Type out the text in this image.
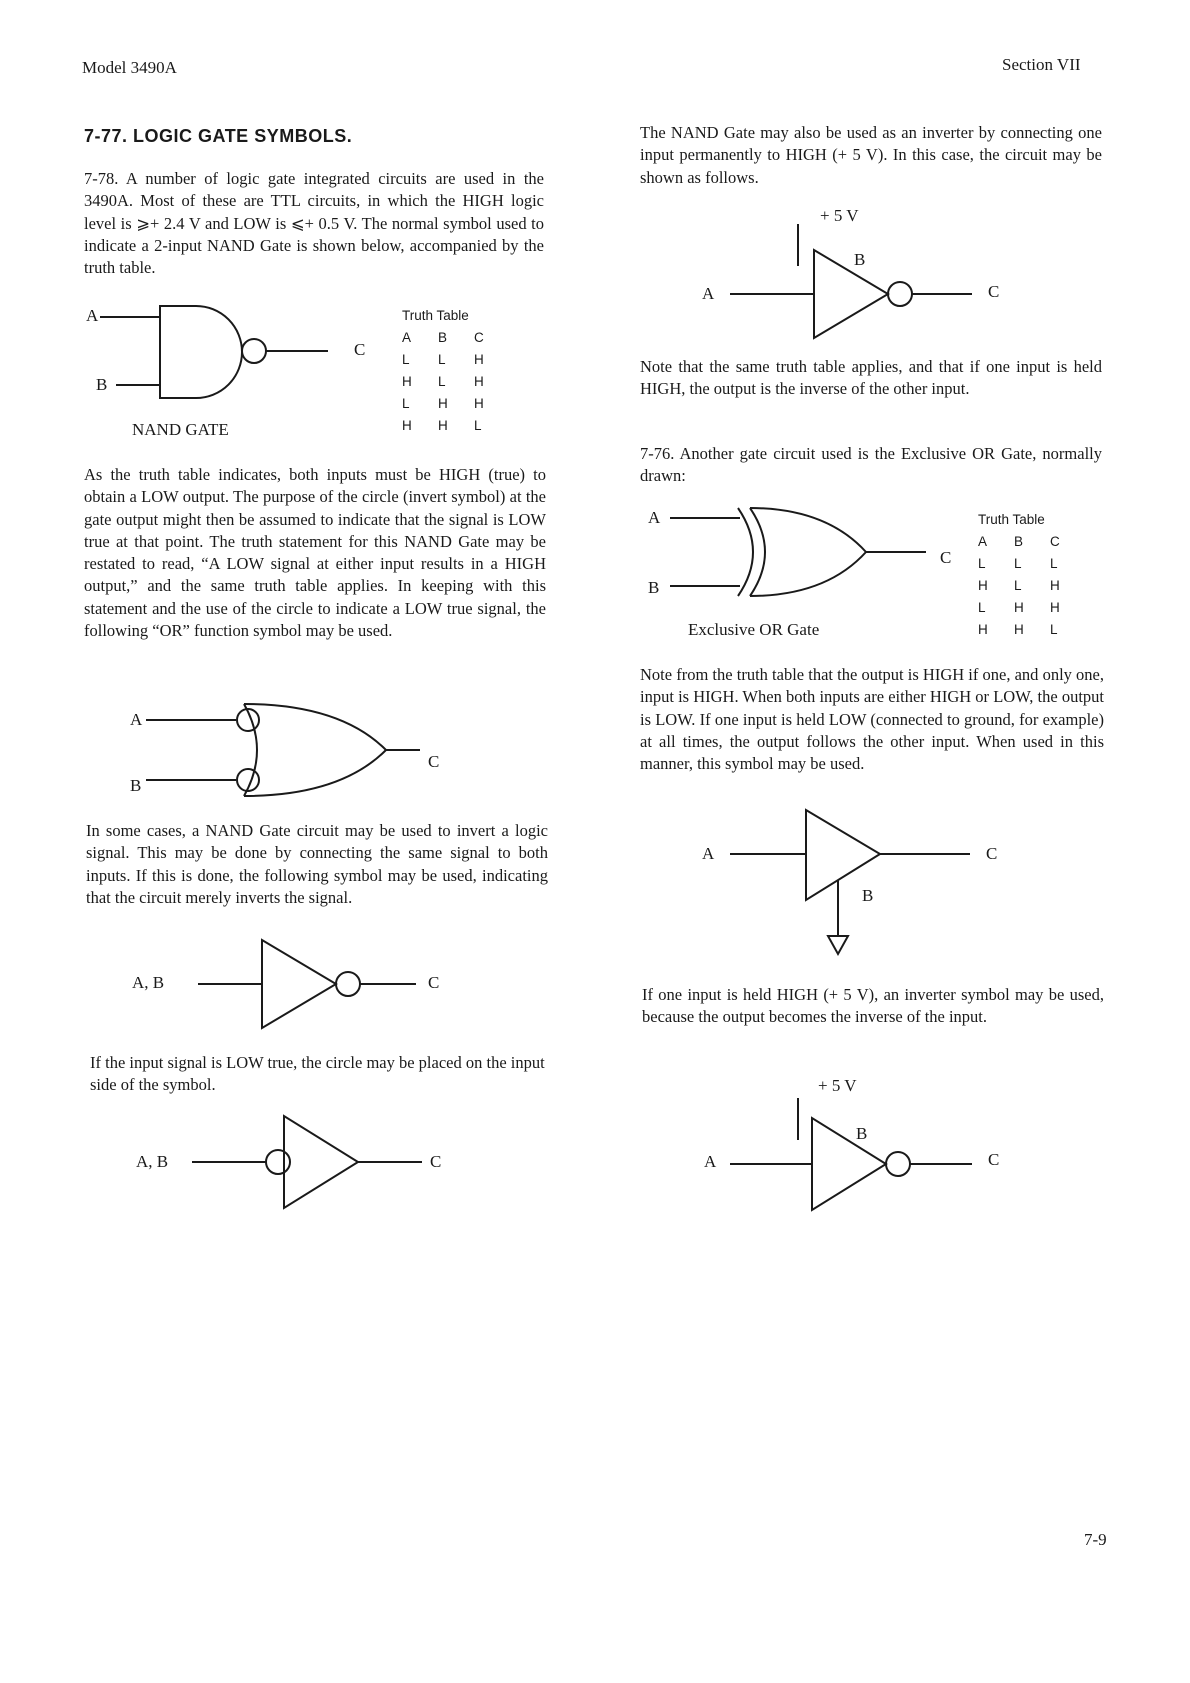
Model 3490A	Section VII
7-77. LOGIC GATE SYMBOLS.
7-78. A number of logic gate integrated circuits are used in the 3490A. Most of these are TTL circuits, in which the HIGH logic level is ⩾+ 2.4 V and LOW is ⩽+ 0.5 V. The normal symbol used to indicate a 2-input NAND Gate is shown below, accompanied by the truth table.
A
B
C
NAND GATE
Truth Table
A	B	C
L	L	H
H	L	H
L	H	H
H	H	L
As the truth table indicates, both inputs must be HIGH (true) to obtain a LOW output. The purpose of the circle (invert symbol) at the gate output might then be assumed to indicate that the signal is LOW true at that point. The truth statement for this NAND Gate may be restated to read, “A LOW signal at either input results in a HIGH output,” and the same truth table applies. In keeping with this statement and the use of the circle to indicate a LOW true signal, the following “OR” function symbol may be used.
A
B
C
In some cases, a NAND Gate circuit may be used to invert a logic signal. This may be done by connecting the same signal to both inputs. If this is done, the following symbol may be used, indicating that the circuit merely inverts the signal.
A, B	C
If the input signal is LOW true, the circle may be placed on the input side of the symbol.
A, B	C
The NAND Gate may also be used as an inverter by connecting one input permanently to HIGH (+ 5 V). In this case, the circuit may be shown as follows.
+ 5 V
B
A	C
Note that the same truth table applies, and that if one input is held HIGH, the output is the inverse of the other input.
7-76. Another gate circuit used is the Exclusive OR Gate, normally drawn:
A
B
C
Exclusive OR Gate
Truth Table
A	B	C
L	L	L
H	L	H
L	H	H
H	H	L
Note from the truth table that the output is HIGH if one, and only one, input is HIGH. When both inputs are either HIGH or LOW, the output is LOW. If one input is held LOW (connected to ground, for example) at all times, the output follows the other input. When used in this manner, this symbol may be used.
A	C
B
If one input is held HIGH (+ 5 V), an inverter symbol may be used, because the output becomes the inverse of the input.
+ 5 V
B
A	C
7-9
